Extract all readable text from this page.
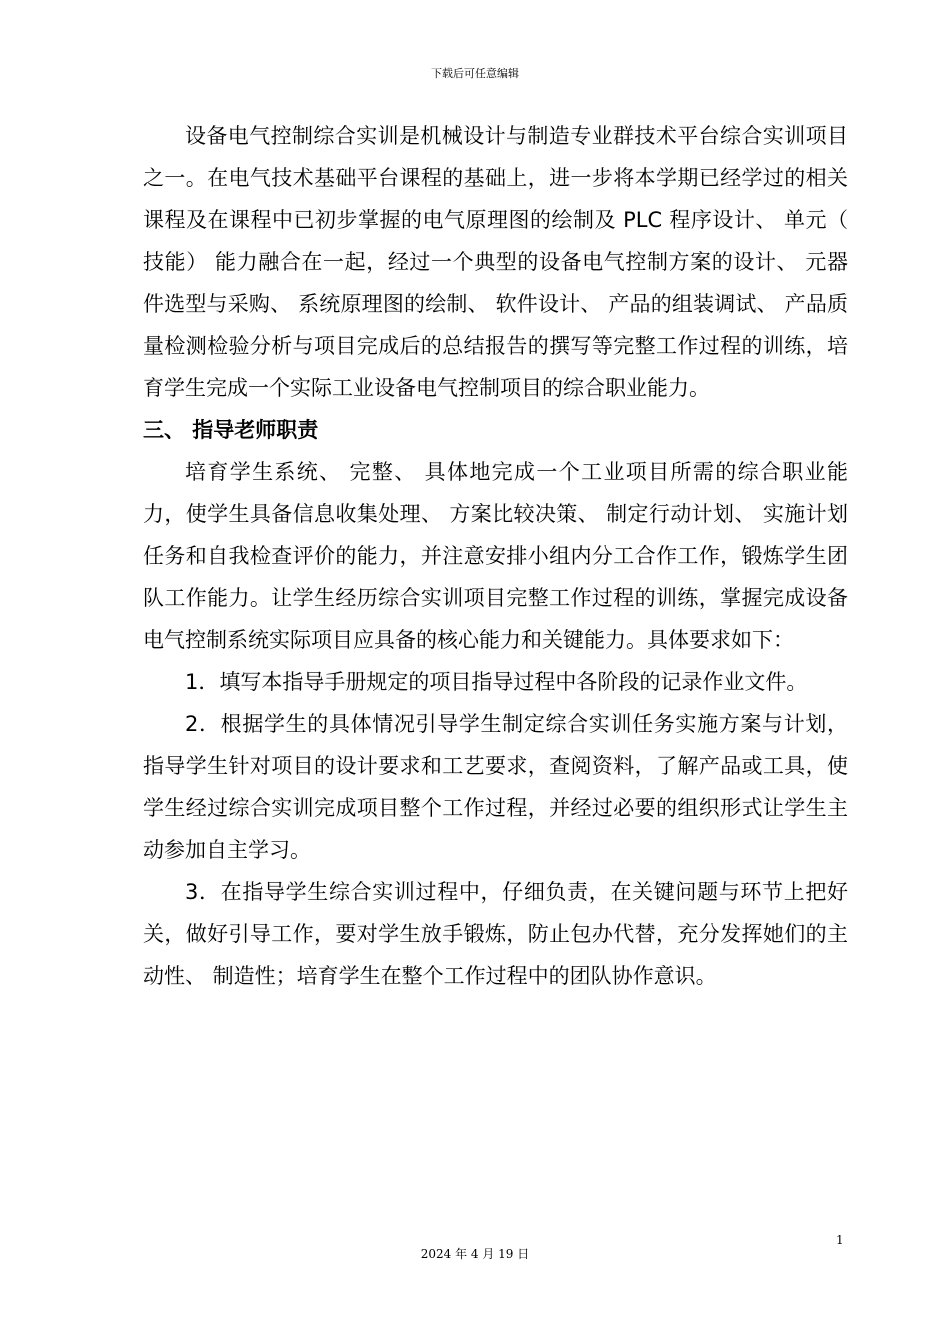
下载后可任意编辑

设备电气控制综合实训是机械设计与制造专业群技术平台综合实训项目之一。在电气技术基础平台课程的基础上，进一步将本学期已经学过的相关课程及在课程中已初步掌握的电气原理图的绘制及 PLC 程序设计、 单元（ 技能） 能力融合在一起，经过一个典型的设备电气控制方案的设计、 元器件选型与采购、 系统原理图的绘制、 软件设计、 产品的组装调试、 产品质量检测检验分析与项目完成后的总结报告的撰写等完整工作过程的训练，培育学生完成一个实际工业设备电气控制项目的综合职业能力。

三、 指导老师职责

培育学生系统、 完整、 具体地完成一个工业项目所需的综合职业能力，使学生具备信息收集处理、 方案比较决策、 制定行动计划、 实施计划任务和自我检查评价的能力，并注意安排小组内分工合作工作，锻炼学生团队工作能力。让学生经历综合实训项目完整工作过程的训练，掌握完成设备电气控制系统实际项目应具备的核心能力和关键能力。具体要求如下：

1．填写本指导手册规定的项目指导过程中各阶段的记录作业文件。

2．根据学生的具体情况引导学生制定综合实训任务实施方案与计划，指导学生针对项目的设计要求和工艺要求，查阅资料，了解产品或工具，使学生经过综合实训完成项目整个工作过程，并经过必要的组织形式让学生主动参加自主学习。

3．在指导学生综合实训过程中，仔细负责，在关键问题与环节上把好关，做好引导工作，要对学生放手锻炼，防止包办代替，充分发挥她们的主动性、 制造性；培育学生在整个工作过程中的团队协作意识。

1
2024 年 4 月 19 日
